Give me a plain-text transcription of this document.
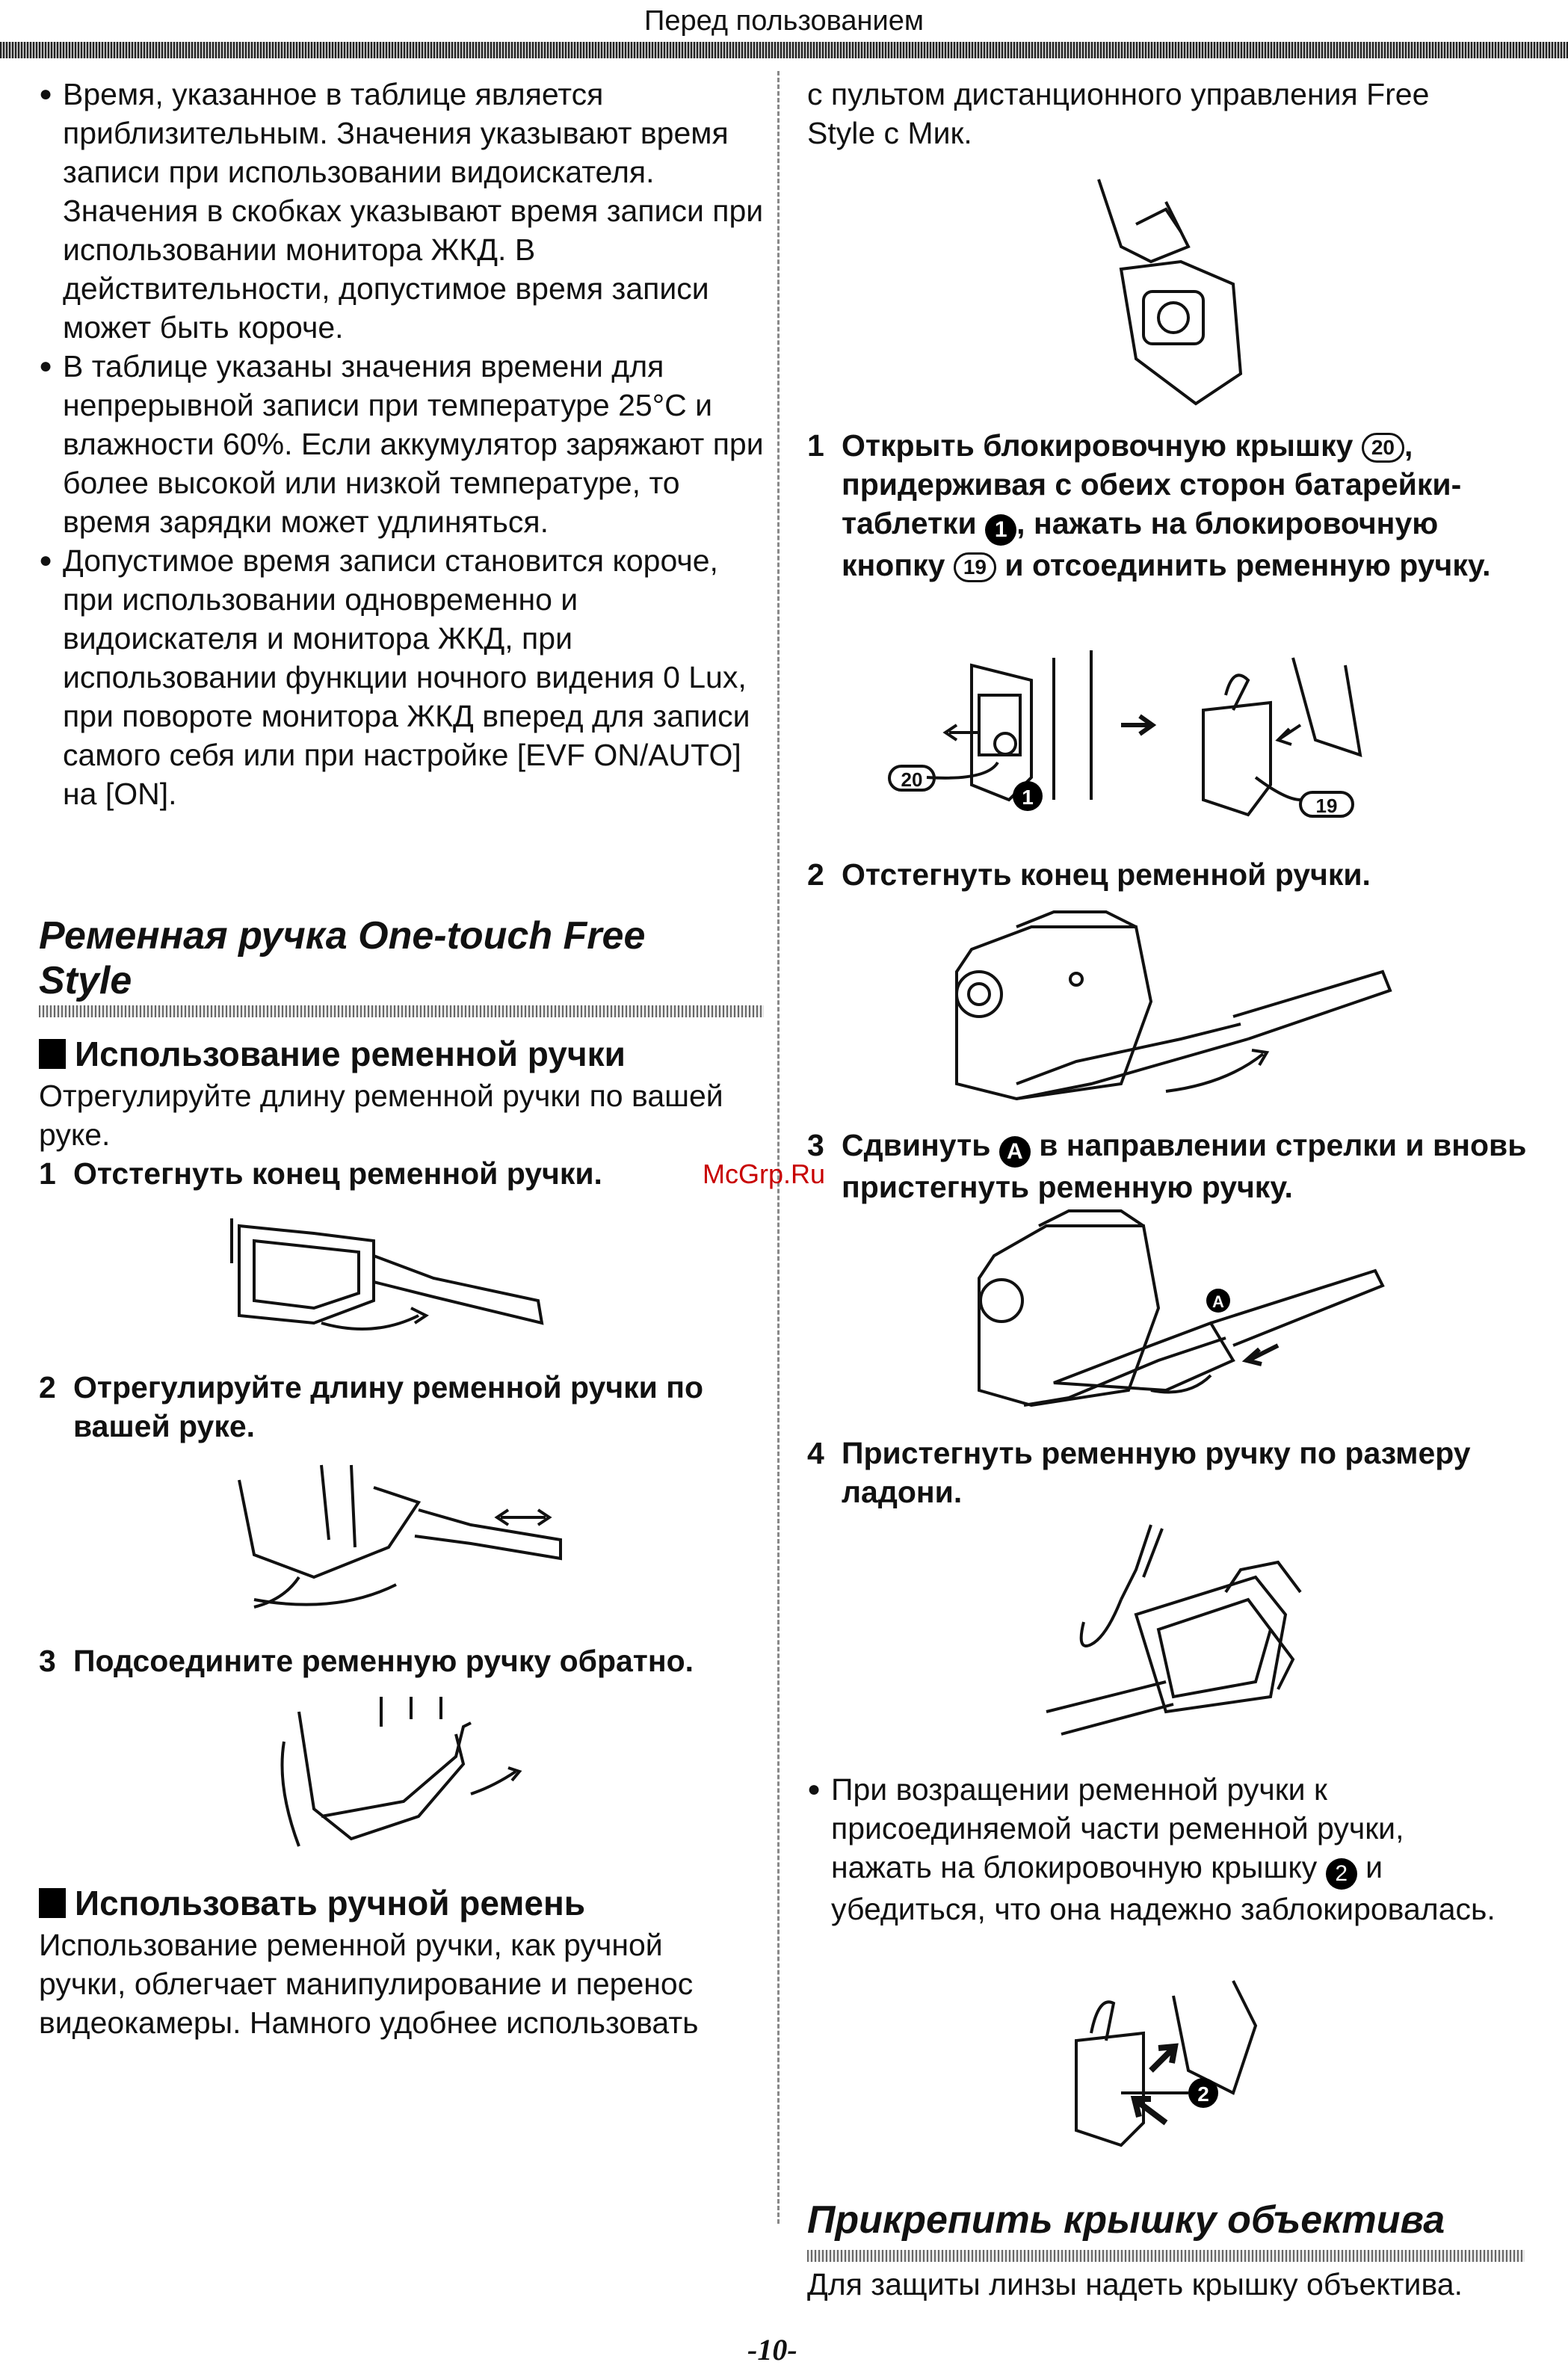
Перед пользованием
● Время, указанное в таблице является приблизительным. Значения указывают время записи при использовании видоискателя. Значения в скобках указывают время записи при использовании монитора ЖКД. В действительности, допустимое время записи может быть короче.
● В таблице указаны значения времени для непрерывной записи при температуре 25°C и влажности 60%. Если аккумулятор заряжают при более высокой или низкой температуре, то время зарядки может удлиняться.
● Допустимое время записи становится короче, при использовании одновременно и видоискателя и монитора ЖКД, при использовании функции ночного видения 0 Lux, при повороте монитора ЖКД вперед для записи самого себя или при настройке [EVF ON/AUTO] на [ON].
Ременная ручка One-touch Free Style
Использование ременной ручки
Отрегулируйте длину ременной ручки по вашей руке.
1 Отстегнуть конец ременной ручки.
2 Отрегулируйте длину ременной ручки по вашей руке.
3 Подсоедините ременную ручку обратно.
Использовать ручной ремень
Использование ременной ручки, как ручной ручки, облегчает манипулирование и перенос видеокамеры. Намного удобнее использовать
с пультом дистанционного управления Free Style с Мик.
1 Открыть блокировочную крышку 20 , придерживая с обеих сторон батарейки-таблетки 1 , нажать на блокировочную кнопку 19 и отсоединить ременную ручку.
1
20
19
2 Отстегнуть конец ременной ручки.
3 Сдвинуть A в направлении стрелки и вновь пристегнуть ременную ручку.
A
4 Пристегнуть ременную ручку по размеру ладони.
● При возращении ременной ручки к присоединяемой части ременной ручки, нажать на блокировочную крышку 2 и убедиться, что она надежно заблокировалась.
2
Прикрепить крышку объектива
Для защиты линзы надеть крышку объектива.
McGrp.Ru
-10-
